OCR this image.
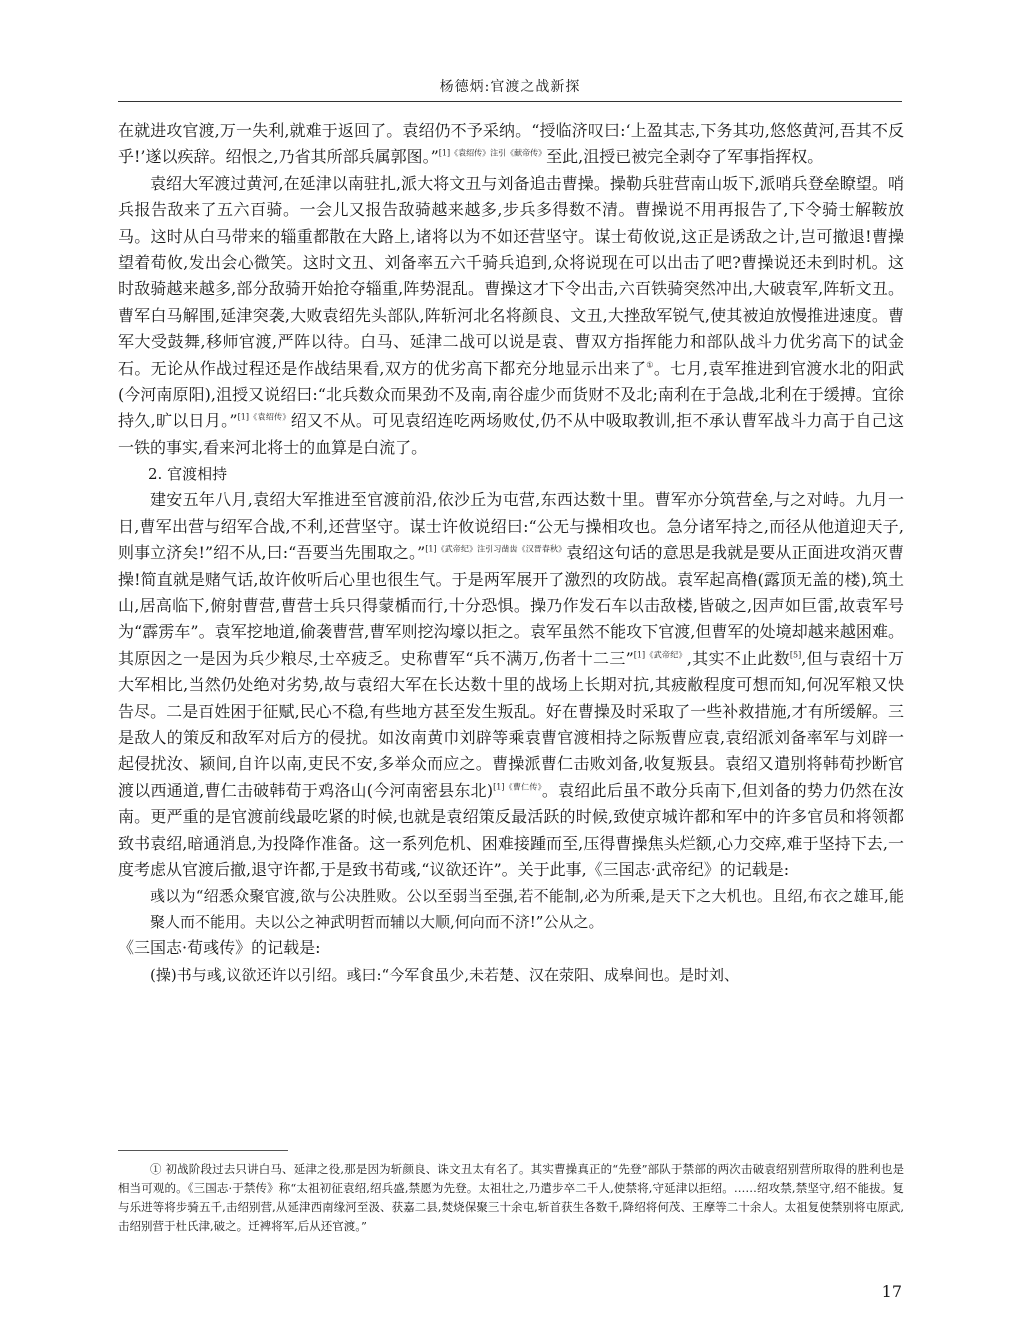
杨德炳:官渡之战新探

在就进攻官渡,万一失利,就难于返回了。袁绍仍不予采纳。“授临济叹曰:‘上盈其志,下务其功,悠悠黄河,吾其不反乎!’遂以疾辞。绍恨之,乃省其所部兵属郭图。”$^{[1]《袁绍传》注引《献帝传》}$至此,沮授已被完全剥夺了军事指挥权。

袁绍大军渡过黄河,在延津以南驻扎,派大将文丑与刘备追击曹操。操勒兵驻营南山坂下,派哨兵登垒瞭望。哨兵报告敌来了五六百骑。一会儿又报告敌骑越来越多,步兵多得数不清。曹操说不用再报告了,下令骑士解鞍放马。这时从白马带来的辎重都散在大路上,诸将以为不如还营坚守。谋士荀攸说,这正是诱敌之计,岂可撤退!曹操望着荀攸,发出会心微笑。这时文丑、刘备率五六千骑兵追到,众将说现在可以出击了吧?曹操说还未到时机。这时敌骑越来越多,部分敌骑开始抢夺辎重,阵势混乱。曹操这才下令出击,六百铁骑突然冲出,大破袁军,阵斩文丑。曹军白马解围,延津突袭,大败袁绍先头部队,阵斩河北名将颜良、文丑,大挫敌军锐气,使其被迫放慢推进速度。曹军大受鼓舞,移师官渡,严阵以待。白马、延津二战可以说是袁、曹双方指挥能力和部队战斗力优劣高下的试金石。无论从作战过程还是作战结果看,双方的优劣高下都充分地显示出来了①。七月,袁军推进到官渡水北的阳武(今河南原阳),沮授又说绍曰:“北兵数众而果劲不及南,南谷虚少而货财不及北;南利在于急战,北利在于缓搏。宜徐持久,旷以日月。”$^{[1]《袁绍传》}$绍又不从。可见袁绍连吃两场败仗,仍不从中吸取教训,拒不承认曹军战斗力高于自己这一铁的事实,看来河北将士的血算是白流了。

2. 官渡相持

建安五年八月,袁绍大军推进至官渡前沿,依沙丘为屯营,东西达数十里。曹军亦分筑营垒,与之对峙。九月一日,曹军出营与绍军合战,不利,还营坚守。谋士许攸说绍曰:“公无与操相攻也。急分诸军持之,而径从他道迎天子,则事立济矣!”绍不从,曰:“吾要当先围取之。”$^{[1]《武帝纪》注引习凿齿《汉晋春秋》}$袁绍这句话的意思是我就是要从正面进攻消灭曹操!简直就是赌气话,故许攸听后心里也很生气。于是两军展开了激烈的攻防战。袁军起高橹(露顶无盖的楼),筑土山,居高临下,俯射曹营,曹营士兵只得蒙楯而行,十分恐惧。操乃作发石车以击敌楼,皆破之,因声如巨雷,故袁军号为“霹雳车”。袁军挖地道,偷袭曹营,曹军则挖沟壕以拒之。袁军虽然不能攻下官渡,但曹军的处境却越来越困难。其原因之一是因为兵少粮尽,士卒疲乏。史称曹军“兵不满万,伤者十二三”$^{[1]《武帝纪》}$,其实不止此数[5],但与袁绍十万大军相比,当然仍处绝对劣势,故与袁绍大军在长达数十里的战场上长期对抗,其疲敝程度可想而知,何况军粮又快告尽。二是百姓困于征赋,民心不稳,有些地方甚至发生叛乱。好在曹操及时采取了一些补救措施,才有所缓解。三是敌人的策反和敌军对后方的侵扰。如汝南黄巾刘辟等乘袁曹官渡相持之际叛曹应袁,袁绍派刘备率军与刘辟一起侵扰汝、颍间,自许以南,吏民不安,多举众而应之。曹操派曹仁击败刘备,收复叛县。袁绍又遣别将韩荀抄断官渡以西通道,曹仁击破韩荀于鸡洛山(今河南密县东北)$^{[1]《曹仁传》}$。袁绍此后虽不敢分兵南下,但刘备的势力仍然在汝南。更严重的是官渡前线最吃紧的时候,也就是袁绍策反最活跃的时候,致使京城许都和军中的许多官员和将领都致书袁绍,暗通消息,为投降作准备。这一系列危机、困难接踵而至,压得曹操焦头烂额,心力交瘁,难于坚持下去,一度考虑从官渡后撤,退守许都,于是致书荀彧,“议欲还许”。关于此事,《三国志·武帝纪》的记载是:

彧以为“绍悉众聚官渡,欲与公决胜败。公以至弱当至强,若不能制,必为所乘,是天下之大机也。且绍,布衣之雄耳,能聚人而不能用。夫以公之神武明哲而辅以大顺,何向而不济!”公从之。

《三国志·荀彧传》的记载是:

(操)书与彧,议欲还许以引绍。彧曰:“今军食虽少,未若楚、汉在荥阳、成皋间也。是时刘、

① 初战阶段过去只讲白马、延津之役,那是因为斩颜良、诛文丑太有名了。其实曹操真正的“先登”部队于禁部的两次击破袁绍别营所取得的胜利也是相当可观的。《三国志·于禁传》称“太祖初征袁绍,绍兵盛,禁愿为先登。太祖壮之,乃遣步卒二千人,使禁将,守延津以拒绍。……绍攻禁,禁坚守,绍不能拔。复与乐进等将步骑五千,击绍别营,从延津西南缘河至汲、获嘉二县,焚烧保聚三十余屯,斩首获生各数千,降绍将何茂、王摩等二十余人。太祖复使禁别将屯原武,击绍别营于杜氏津,破之。迁裨将军,后从还官渡。”

17
